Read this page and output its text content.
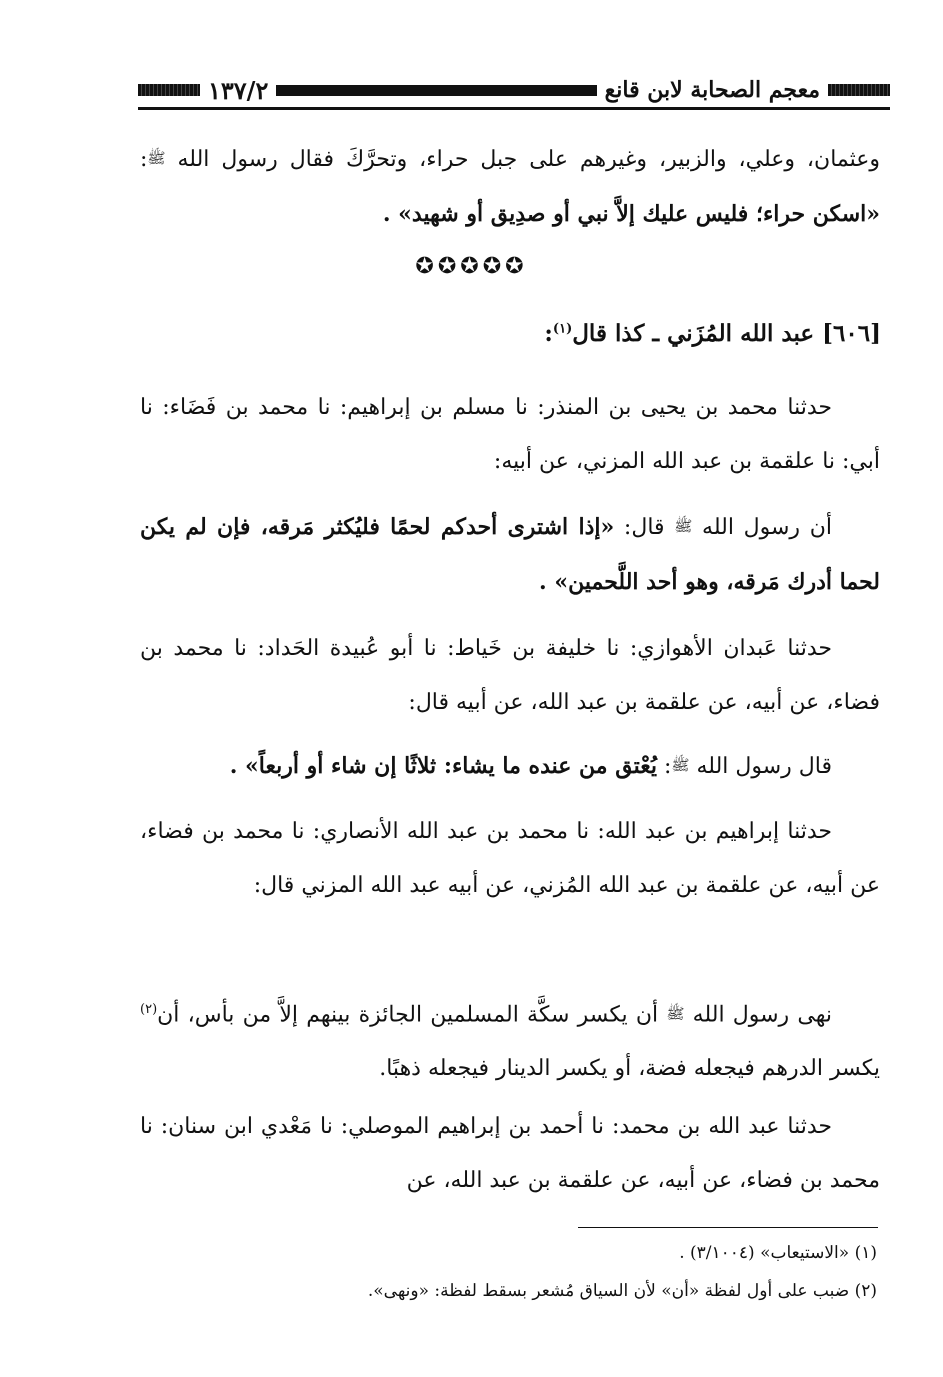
معجم الصحابة لابن قانع
١٣٧/٢
وعثمان، وعلي، والزبير، وغيرهم على جبل حراء، وتحرَّكَ فقال رسول الله ﷺ: «اسكن حراء؛ فليس عليك إلاَّ نبي أو صدِيق أو شهيد» .
✪✪✪✪✪
[٦٠٦] عبد الله المُزَني ـ كذا قال$^{(١)}$:
حدثنا محمد بن يحيى بن المنذر: نا مسلم بن إبراهيم: نا محمد بن فَضَاء: نا أبي: نا علقمة بن عبد الله المزني، عن أبيه:
أن رسول الله ﷺ قال: «إذا اشترى أحدكم لحمًا فليُكثر مَرقه، فإن لم يكن لحما أدرك مَرقه، وهو أحد اللَّحمين» .
حدثنا عَبدان الأهوازي: نا خليفة بن خَياط: نا أبو عُبيدة الحَداد: نا محمد بن فضاء، عن أبيه، عن علقمة بن عبد الله، عن أبيه قال:
قال رسول الله ﷺ: يُعْتق من عنده ما يشاء: ثلاثًا إن شاء أو أربعاً» .
حدثنا إبراهيم بن عبد الله: نا محمد بن عبد الله الأنصاري: نا محمد بن فضاء، عن أبيه، عن علقمة بن عبد الله المُزني، عن أبيه عبد الله المزني قال:
نهى رسول الله ﷺ أن يكسر سكَّة المسلمين الجائزة بينهم إلاَّ من بأس، أن$^{(٢)}$ يكسر الدرهم فيجعله فضة، أو يكسر الدينار فيجعله ذهبًا.
حدثنا عبد الله بن محمد: نا أحمد بن إبراهيم الموصلي: نا مَعْدي ابن سنان: نا محمد بن فضاء، عن أبيه، عن علقمة بن عبد الله، عن
(١) «الاستيعاب» (٣/١٠٠٤) .
(٢) ضبب على أول لفظة «أن» لأن السياق مُشعر بسقط لفظة: «ونهى».
